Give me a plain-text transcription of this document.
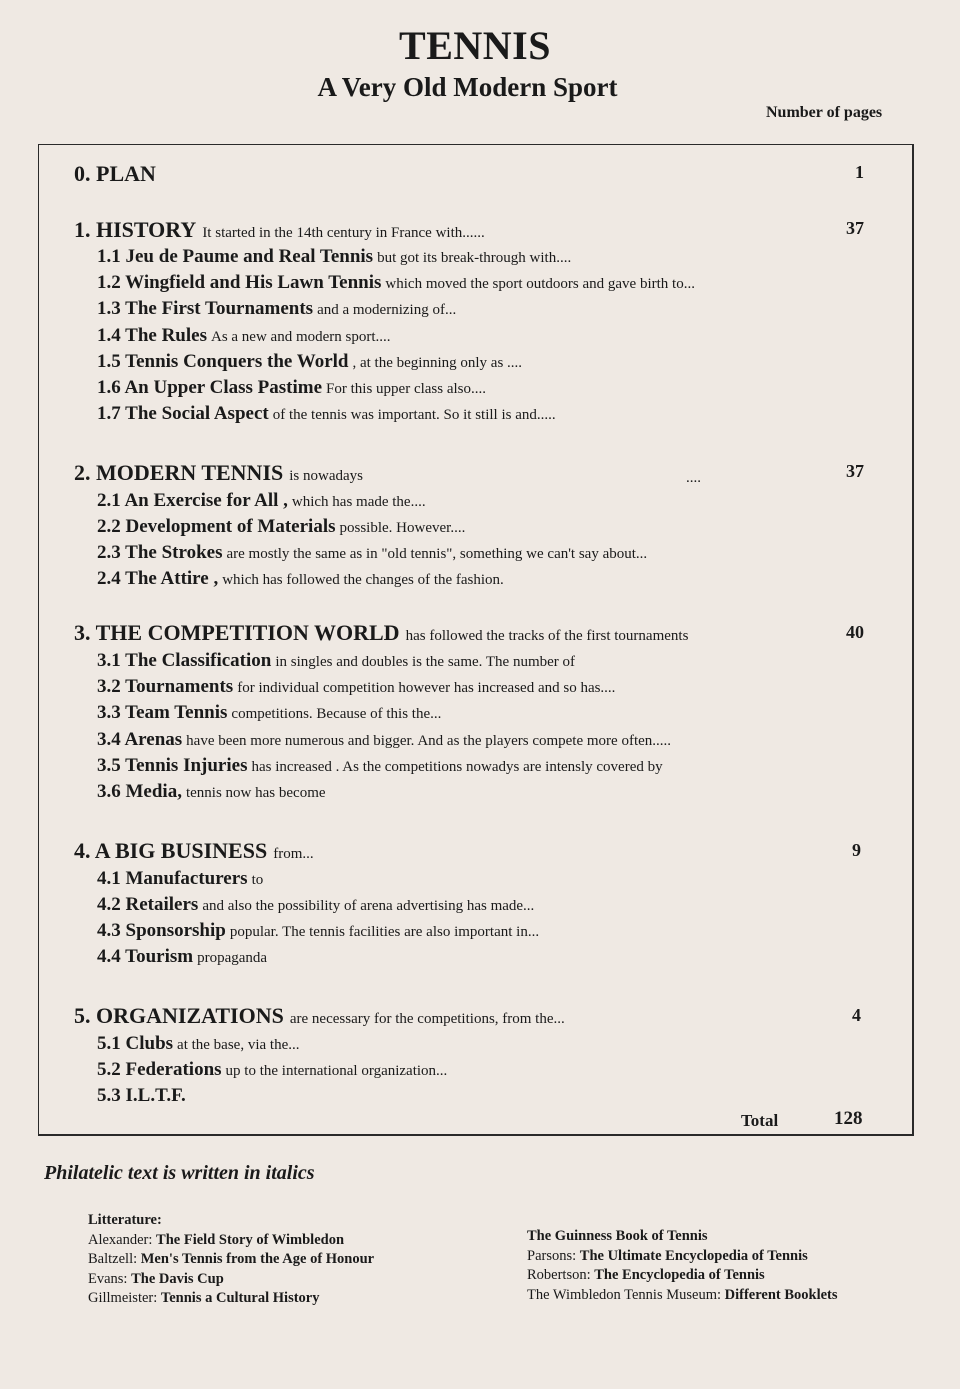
TENNIS
A Very Old Modern Sport
Number of pages
0. PLAN	1
1. HISTORY It started in the 14th century in France with......	37
1.1 Jeu de Paume and Real Tennis but got its break-through with....
1.2 Wingfield and His Lawn Tennis which moved the sport outdoors and gave birth to...
1.3 The First Tournaments and a modernizing of...
1.4 The Rules As a new and modern sport....
1.5 Tennis Conquers the World , at the beginning only as ....
1.6 An Upper Class Pastime For this upper class also....
1.7 The Social Aspect of the tennis was important. So it still is and.....
2. MODERN TENNIS is nowadays	....	37
2.1 An Exercise for All , which has made the....
2.2 Development of Materials possible. However....
2.3 The Strokes are mostly the same as in "old tennis", something we can't say about...
2.4 The Attire , which has followed the changes of the fashion.
3. THE COMPETITION WORLD has followed the tracks of the first tournaments	40
3.1 The Classification in singles and doubles is the same. The number of
3.2 Tournaments for individual competition however has increased and so has....
3.3 Team Tennis competitions. Because of this the...
3.4 Arenas have been more numerous and bigger. And as the players compete more often.....
3.5 Tennis Injuries has increased . As the competitions nowadys are intensly covered by
3.6 Media, tennis now has become
4. A BIG BUSINESS from...	9
4.1 Manufacturers to
4.2 Retailers and also the possibility of arena advertising has made...
4.3 Sponsorship popular. The tennis facilities are also important in...
4.4 Tourism propaganda
5. ORGANIZATIONS are necessary for the competitions, from the...	4
5.1 Clubs at the base, via the...
5.2 Federations up to the international organization...
5.3 I.L.T.F.
Total	128
Philatelic text is written in italics
Litterature:
Alexander: The Field Story of Wimbledon
Baltzell: Men's Tennis from the Age of Honour
Evans: The Davis Cup
Gillmeister: Tennis a Cultural History
The Guinness Book of Tennis
Parsons: The Ultimate Encyclopedia of Tennis
Robertson: The Encyclopedia of Tennis
The Wimbledon Tennis Museum: Different Booklets
